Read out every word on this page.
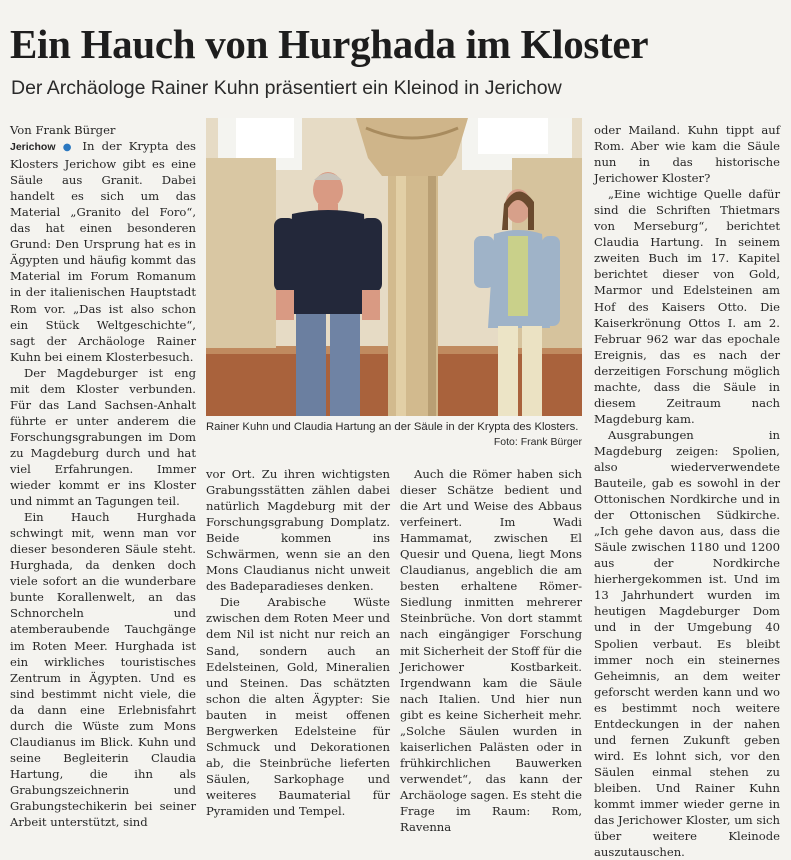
Ein Hauch von Hurghada im Kloster
Der Archäologe Rainer Kuhn präsentiert ein Kleinod in Jerichow
Von Frank Bürger

Jerichow ● In der Krypta des Klosters Jerichow gibt es eine Säule aus Granit. Dabei handelt es sich um das Material „Granito del Foro“, das hat einen besonderen Grund: Den Ursprung hat es in Ägypten und häufig kommt das Material im Forum Romanum in der italienischen Hauptstadt Rom vor. „Das ist also schon ein Stück Weltgeschichte“, sagt der Archäologe Rainer Kuhn bei einem Klosterbesuch.

Der Magdeburger ist eng mit dem Kloster verbunden. Für das Land Sachsen-Anhalt führte er unter anderem die Forschungsgrabungen im Dom zu Magdeburg durch und hat viel Erfahrungen. Immer wieder kommt er ins Kloster und nimmt an Tagungen teil.

Ein Hauch Hurghada schwingt mit, wenn man vor dieser besonderen Säule steht. Hurghada, da denken doch viele sofort an die wunderbare bunte Korallenwelt, an das Schnorcheln und atemberaubende Tauchgänge im Roten Meer. Hurghada ist ein wirkliches touristisches Zentrum in Ägypten. Und es sind bestimmt nicht viele, die da dann eine Erlebnisfahrt durch die Wüste zum Mons Claudianus im Blick. Kuhn und seine Begleiterin Claudia Hartung, die ihn als Grabungszeichnerin und Grabungstechikerin bei seiner Arbeit unterstützt, sind

Rainer Kuhn und Claudia Hartung an der Säule in der Krypta des Klosters.
Foto: Frank Bürger

vor Ort. Zu ihren wichtigsten Grabungsstätten zählen dabei natürlich Magdeburg mit der Forschungsgrabung Domplatz. Beide kommen ins Schwärmen, wenn sie an den Mons Claudianus nicht unweit des Badeparadieses denken.

Die Arabische Wüste zwischen dem Roten Meer und dem Nil ist nicht nur reich an Sand, sondern auch an Edelsteinen, Gold, Mineralien und Steinen. Das schätzten schon die alten Ägypter: Sie bauten in meist offenen Bergwerken Edelsteine für Schmuck und Dekorationen ab, die Steinbrüche lieferten Säulen, Sarkophage und weiteres Baumaterial für Pyramiden und Tempel.

Auch die Römer haben sich dieser Schätze bedient und die Art und Weise des Abbaus verfeinert. Im Wadi Hammamat, zwischen El Quesir und Quena, liegt Mons Claudianus, angeblich die am besten erhaltene Römer-Siedlung inmitten mehrerer Steinbrüche. Von dort stammt nach eingängiger Forschung mit Sicherheit der Stoff für die Jerichower Kostbarkeit. Irgendwann kam die Säule nach Italien. Und hier nun gibt es keine Sicherheit mehr. „Solche Säulen wurden in kaiserlichen Palästen oder in frühkirchlichen Bauwerken verwendet“, das kann der Archäologe sagen. Es steht die Frage im Raum: Rom, Ravenna

oder Mailand. Kuhn tippt auf Rom. Aber wie kam die Säule nun in das historische Jerichower Kloster?

„Eine wichtige Quelle dafür sind die Schriften Thietmars von Merseburg“, berichtet Claudia Hartung. In seinem zweiten Buch im 17. Kapitel berichtet dieser von Gold, Marmor und Edelsteinen am Hof des Kaisers Otto. Die Kaiserkrönung Ottos I. am 2. Februar 962 war das epochale Ereignis, das es nach der derzeitigen Forschung möglich machte, dass die Säule in diesem Zeitraum nach Magdeburg kam.

Ausgrabungen in Magdeburg zeigen: Spolien, also wiederverwendete Bauteile, gab es sowohl in der Ottonischen Nordkirche und in der Ottonischen Südkirche. „Ich gehe davon aus, dass die Säule zwischen 1180 und 1200 aus der Nordkirche hierhergekommen ist. Und im 13 Jahrhundert wurden im heutigen Magdeburger Dom und in der Umgebung 40 Spolien verbaut. Es bleibt immer noch ein steinernes Geheimnis, an dem weiter geforscht werden kann und wo es bestimmt noch weitere Entdeckungen in der nahen und fernen Zukunft geben wird. Es lohnt sich, vor den Säulen einmal stehen zu bleiben. Und Rainer Kuhn kommt immer wieder gerne in das Jerichower Kloster, um sich über weitere Kleinode auszutauschen.
